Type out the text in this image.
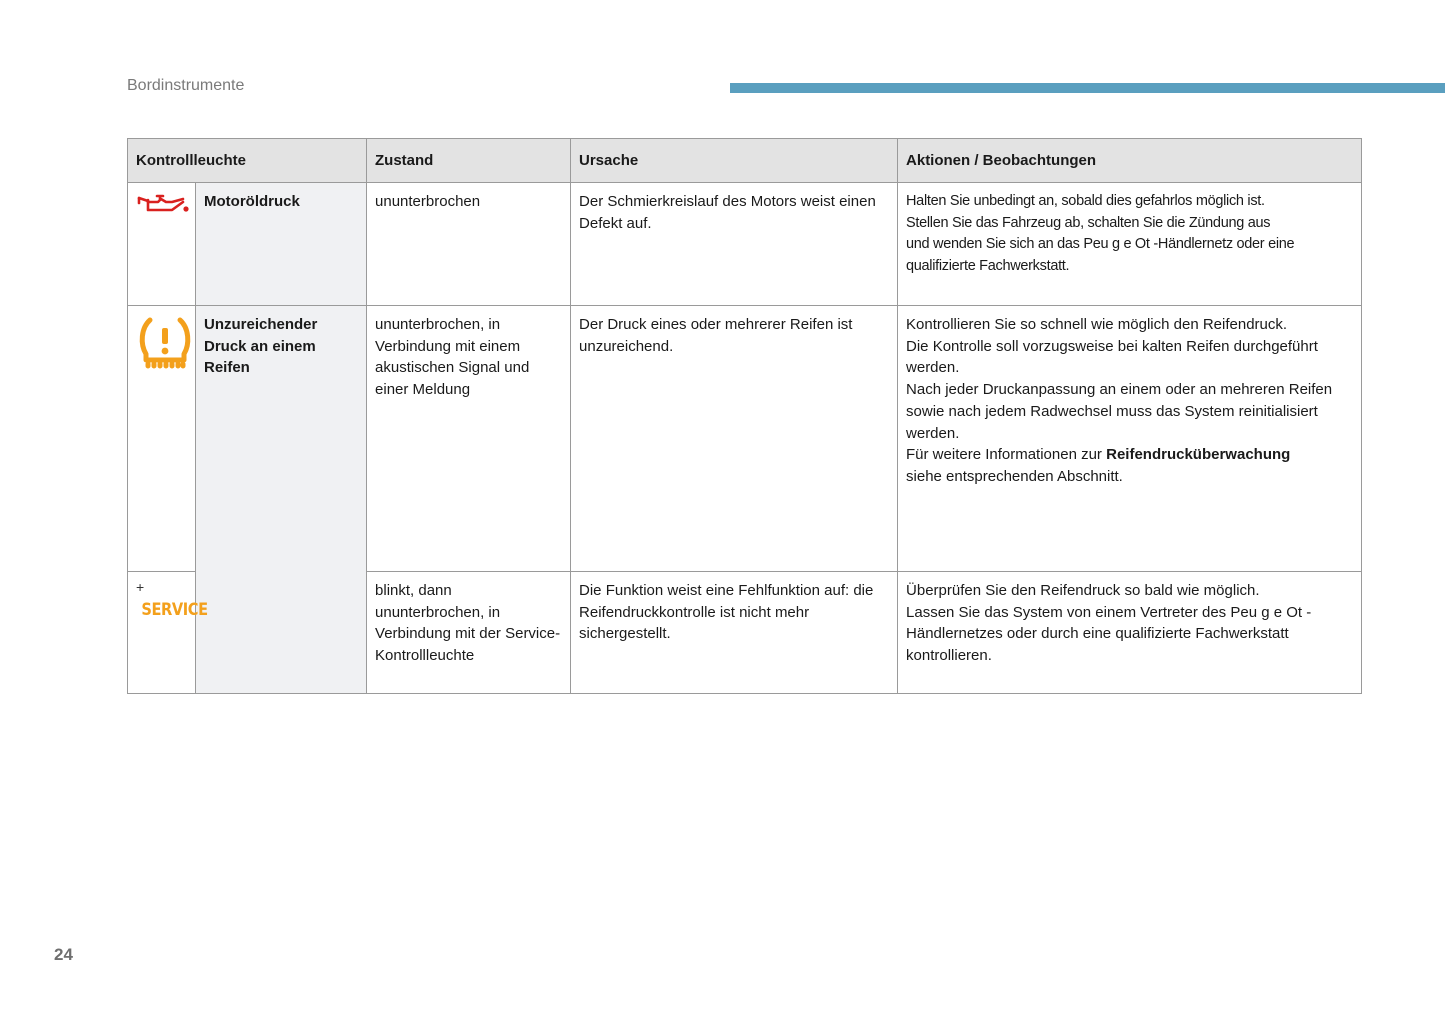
Bordinstrumente
Kontrollleuchte		Zustand	Ursache	Aktionen / Beobachtungen
	Motoröldruck	ununterbrochen	Der Schmierkreislauf des Motors weist einen Defekt auf.	Halten Sie unbedingt an, sobald dies gefahrlos möglich ist.
Stellen Sie das Fahrzeug ab, schalten Sie die Zündung aus
und wenden Sie sich an das Peu g e Ot -Händlernetz oder eine
qualifizierte Fachwerkstatt.

	Unzureichender Druck an einem Reifen	ununterbrochen, in Verbindung mit einem akustischen Signal und einer Meldung	Der Druck eines oder mehrerer Reifen ist unzureichend.	Kontrollieren Sie so schnell wie möglich den Reifendruck.
Die Kontrolle soll vorzugsweise bei kalten Reifen durchgeführt werden.
Nach jeder Druckanpassung an einem oder an mehreren Reifen sowie nach jedem Radwechsel muss das System reinitialisiert werden.
Für weitere Informationen zur Reifendrucküberwachung
siehe entsprechenden Abschnitt.

+
SERVICE		blinkt, dann ununterbrochen, in Verbindung mit der Service-Kontrollleuchte	Die Funktion weist eine Fehlfunktion auf: die Reifendruckkontrolle ist nicht mehr sichergestellt.	Überprüfen Sie den Reifendruck so bald wie möglich.
Lassen Sie das System von einem Vertreter des Peu g e Ot -Händlernetzes oder durch eine qualifizierte Fachwerkstatt kontrollieren.
24
